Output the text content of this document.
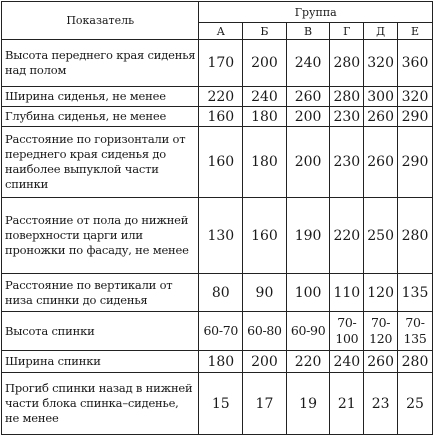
Показатель	Группа					
	А	Б	В	Г	Д	Е
Высота переднего края сиденья над полом	170	200	240	280	320	360
Ширина сиденья, не менее	220	240	260	280	300	320
Глубина сиденья, не менее	160	180	200	230	260	290
Расстояние по горизонтали от переднего края сиденья до наиболее выпуклой части спинки	160	180	200	230	260	290
Расстояние от пола до нижней поверхности царги или проножки по фасаду, не менее	130	160	190	220	250	280
Расстояние по вертикали от низа спинки до сиденья	80	90	100	110	120	135
Высота спинки	60-70	60-80	60-90	70-100	70-120	70-135
Ширина спинки	180	200	220	240	260	280
Прогиб спинки назад в нижней части блока спинка–сиденье, не менее	15	17	19	21	23	25
